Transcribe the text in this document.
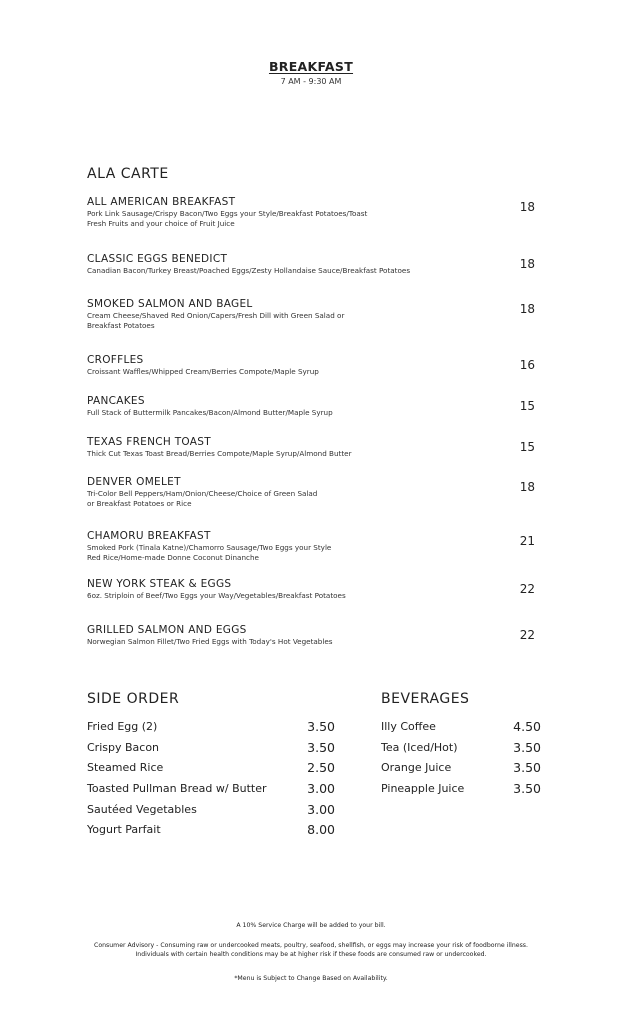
BREAKFAST
7 AM - 9:30 AM
ALA CARTE
ALL AMERICAN BREAKFAST
Pork Link Sausage/Crispy Bacon/Two Eggs your Style/Breakfast Potatoes/Toast
Fresh Fruits and your choice of Fruit Juice
18
CLASSIC EGGS BENEDICT
Canadian Bacon/Turkey Breast/Poached Eggs/Zesty Hollandaise Sauce/Breakfast Potatoes	18
SMOKED SALMON AND BAGEL
Cream Cheese/Shaved Red Onion/Capers/Fresh Dill with Green Salad or
Breakfast Potatoes
18
CROFFLES
Croissant Waffles/Whipped Cream/Berries Compote/Maple Syrup	16
PANCAKES
Full Stack of Buttermilk Pancakes/Bacon/Almond Butter/Maple Syrup	15
TEXAS FRENCH TOAST
Thick Cut Texas Toast Bread/Berries Compote/Maple Syrup/Almond Butter	15
DENVER OMELET
Tri-Color Bell Peppers/Ham/Onion/Cheese/Choice of Green Salad
or Breakfast Potatoes or Rice
18
CHAMORU BREAKFAST
Smoked Pork (Tinala Katne)/Chamorro Sausage/Two Eggs your Style
Red Rice/Home-made Donne Coconut Dinanche
21
NEW YORK STEAK & EGGS
6oz. Striploin of Beef/Two Eggs your Way/Vegetables/Breakfast Potatoes	22
GRILLED SALMON AND EGGS
Norwegian Salmon Fillet/Two Fried Eggs with Today's Hot Vegetables	22
SIDE ORDER	BEVERAGES
Fried Egg (2)	3.50
Crispy Bacon	3.50
Steamed Rice	2.50
Toasted Pullman Bread w/ Butter	3.00
Sautéed Vegetables	3.00
Yogurt Parfait	8.00
Illy Coffee	4.50
Tea (Iced/Hot)	3.50
Orange Juice	3.50
Pineapple Juice	3.50
A 10% Service Charge will be added to your bill.
Consumer Advisory - Consuming raw or undercooked meats, poultry, seafood, shellfish, or eggs may increase your risk of foodborne illness.
Individuals with certain health conditions may be at higher risk if these foods are consumed raw or undercooked.
*Menu is Subject to Change Based on Availability.
